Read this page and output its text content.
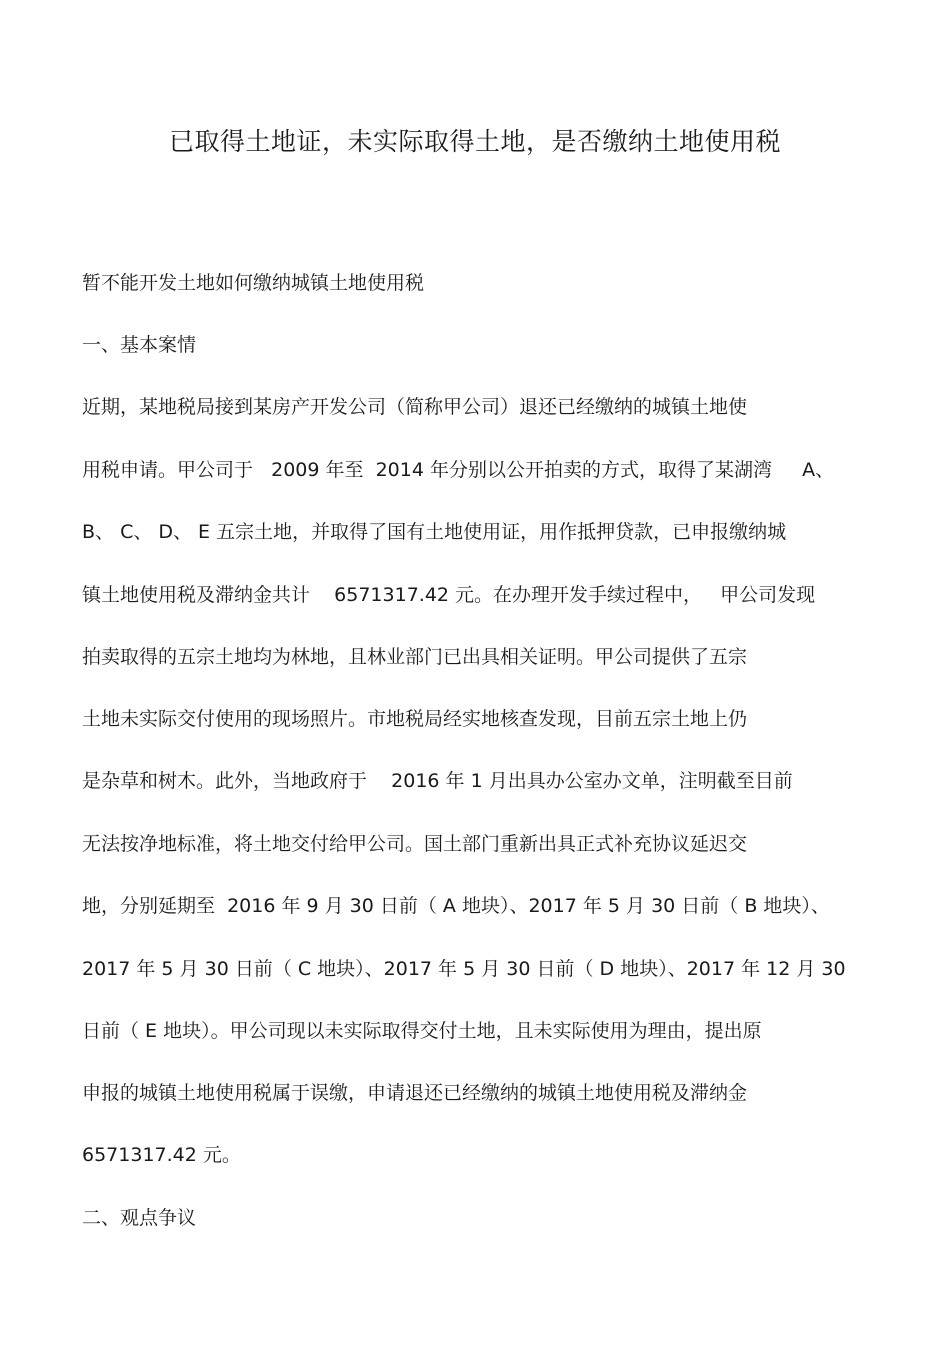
已取得土地证，未实际取得土地，是否缴纳土地使用税
暂不能开发土地如何缴纳城镇土地使用税
一、基本案情
近期，某地税局接到某房产开发公司（简称甲公司）退还已经缴纳的城镇土地使
用税申请。甲公司于   2009 年至  2014 年分别以公开拍卖的方式，取得了某湖湾     A、
B、 C、 D、 E 五宗土地，并取得了国有土地使用证，用作抵押贷款，已申报缴纳城
镇土地使用税及滞纳金共计    6571317.42 元。在办理开发手续过程中，   甲公司发现
拍卖取得的五宗土地均为林地，且林业部门已出具相关证明。甲公司提供了五宗
土地未实际交付使用的现场照片。市地税局经实地核查发现，目前五宗土地上仍
是杂草和树木。此外，当地政府于    2016 年 1 月出具办公室办文单，注明截至目前
无法按净地标准，将土地交付给甲公司。国土部门重新出具正式补充协议延迟交
地，分别延期至  2016 年 9 月 30 日前（ A 地块）、2017 年 5 月 30 日前（ B 地块）、
2017 年 5 月 30 日前（ C 地块）、2017 年 5 月 30 日前（ D 地块）、2017 年 12 月 30
日前（ E 地块）。甲公司现以未实际取得交付土地，且未实际使用为理由，提出原
申报的城镇土地使用税属于误缴，申请退还已经缴纳的城镇土地使用税及滞纳金
6571317.42 元。
二、观点争议
